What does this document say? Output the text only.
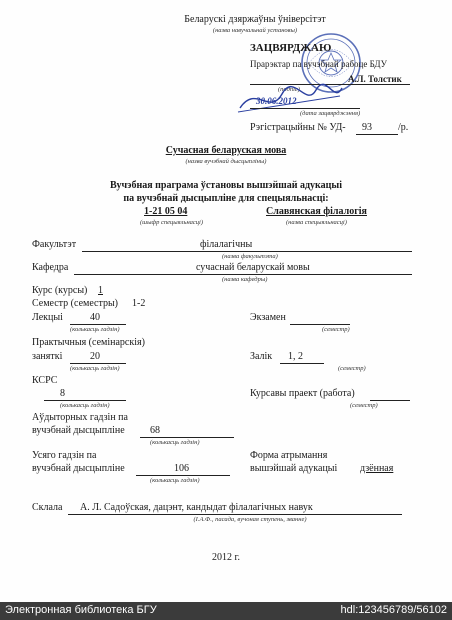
Беларускі дзяржаўны ўніверсітэт
(назва навучальнай установы)
ЗАЦВЯРДЖАЮ
Прарэктар па вучэбнай рабоце БДУ
А.Л. Толстик
(подпіс)
30.06.2012
(дата зацвярджэння)
Рэгістрацыйны № УД- 93	/р.
Сучасная беларуская мова
(назва вучэбнай дысцыпліны)
Вучэбная праграма ўстановы вышэйшай адукацыі
па вучэбнай дысцыпліне для спецыяльнасці:
1-21 05 04	Славянская філалогія
(шыфр спецыяльнасці)	(назва спецыяльнасці)
Факультэт	філалагічны
(назва факультэта)
Кафедра	сучаснай беларускай мовы
(назва кафедры)
Курс (курсы) 1
Семестр (семестры) 1-2
Лекцыі	40
(колькасць гадзін)
Экзамен
(семестр)
Практычныя (семінарскія)
заняткі	20
(колькасць гадзін)
Залік 1, 2
(семестр)
КСРС
8
(колькасць гадзін)
Курсавы праект (работа)
(семестр)
Аўдыторных гадзін па
вучэбнай дысцыпліне	68
(колькасць гадзін)
Усяго гадзін па
вучэбнай дысцыпліне	106
(колькасць гадзін)
Форма атрымання
вышэйшай адукацыі дзённая
Склала А. Л. Садоўская, дацэнт, кандыдат філалагічных навук
(І.А.Ф., пасада, вучоная ступень, званне)
2012 г.
Электронная библиотека БГУ	hdl:123456789/56102
